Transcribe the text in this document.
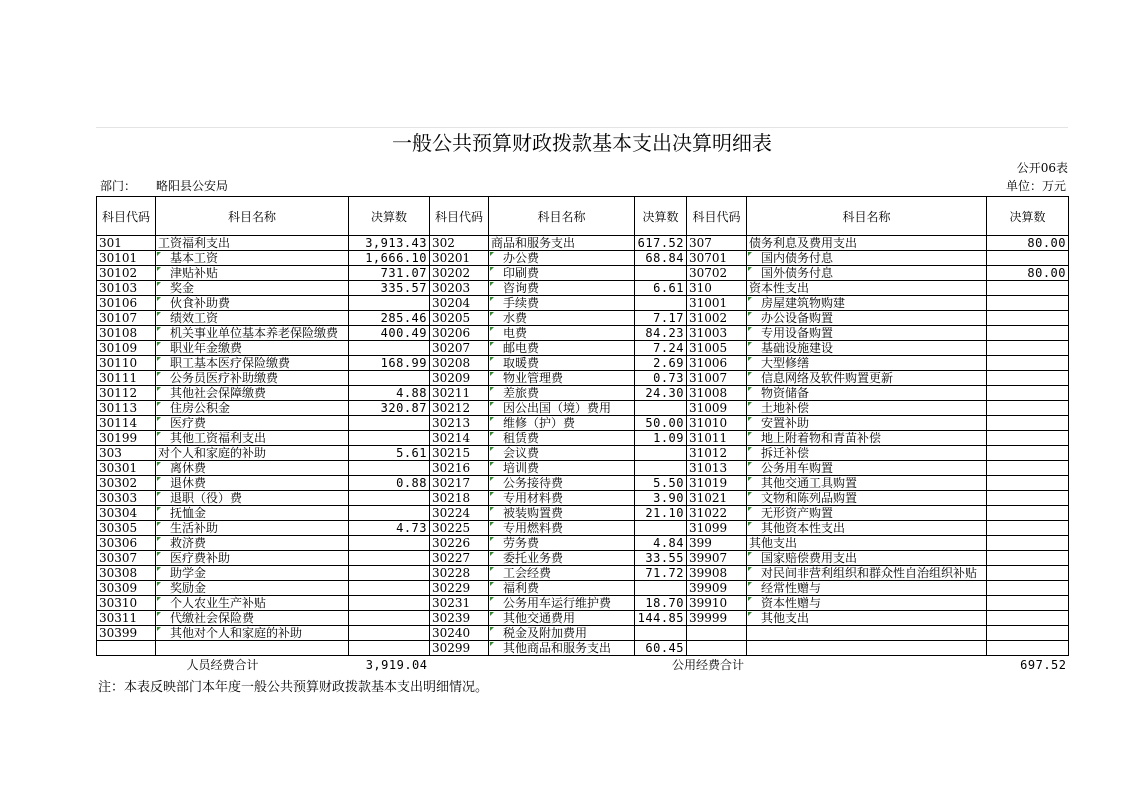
一般公共预算财政拨款基本支出决算明细表
公开06表
部门： 略阳县公安局	单位：万元
科目代码	科目名称	决算数	科目代码	科目名称	决算数	科目代码	科目名称	决算数
301	工资福利支出	3,913.43	302	商品和服务支出	617.52	307	债务利息及费用支出	80.00
30101	基本工资	1,666.10	30201	办公费	68.84	30701	国内债务付息	
30102	津贴补贴	731.07	30202	印刷费		30702	国外债务付息	80.00
30103	奖金	335.57	30203	咨询费	6.61	310	资本性支出	
30106	伙食补助费		30204	手续费		31001	房屋建筑物购建	
30107	绩效工资	285.46	30205	水费	7.17	31002	办公设备购置	
30108	机关事业单位基本养老保险缴费	400.49	30206	电费	84.23	31003	专用设备购置	
30109	职业年金缴费		30207	邮电费	7.24	31005	基础设施建设	
30110	职工基本医疗保险缴费	168.99	30208	取暖费	2.69	31006	大型修缮	
30111	公务员医疗补助缴费		30209	物业管理费	0.73	31007	信息网络及软件购置更新	
30112	其他社会保障缴费	4.88	30211	差旅费	24.30	31008	物资储备	
30113	住房公积金	320.87	30212	因公出国（境）费用		31009	土地补偿	
30114	医疗费		30213	维修（护）费	50.00	31010	安置补助	
30199	其他工资福利支出		30214	租赁费	1.09	31011	地上附着物和青苗补偿	
303	对个人和家庭的补助	5.61	30215	会议费		31012	拆迁补偿	
30301	离休费		30216	培训费		31013	公务用车购置	
30302	退休费	0.88	30217	公务接待费	5.50	31019	其他交通工具购置	
30303	退职（役）费		30218	专用材料费	3.90	31021	文物和陈列品购置	
30304	抚恤金		30224	被装购置费	21.10	31022	无形资产购置	
30305	生活补助	4.73	30225	专用燃料费		31099	其他资本性支出	
30306	救济费		30226	劳务费	4.84	399	其他支出	
30307	医疗费补助		30227	委托业务费	33.55	39907	国家赔偿费用支出	
30308	助学金		30228	工会经费	71.72	39908	对民间非营利组织和群众性自治组织补贴	
30309	奖励金		30229	福利费		39909	经常性赠与	
30310	个人农业生产补贴		30231	公务用车运行维护费	18.70	39910	资本性赠与	
30311	代缴社会保险费		30239	其他交通费用	144.85	39999	其他支出	
30399	其他对个人和家庭的补助		30240	税金及附加费用				
			30299	其他商品和服务支出	60.45			
人员经费合计		3,919.04	公用经费合计					697.52
注：本表反映部门本年度一般公共预算财政拨款基本支出明细情况。
